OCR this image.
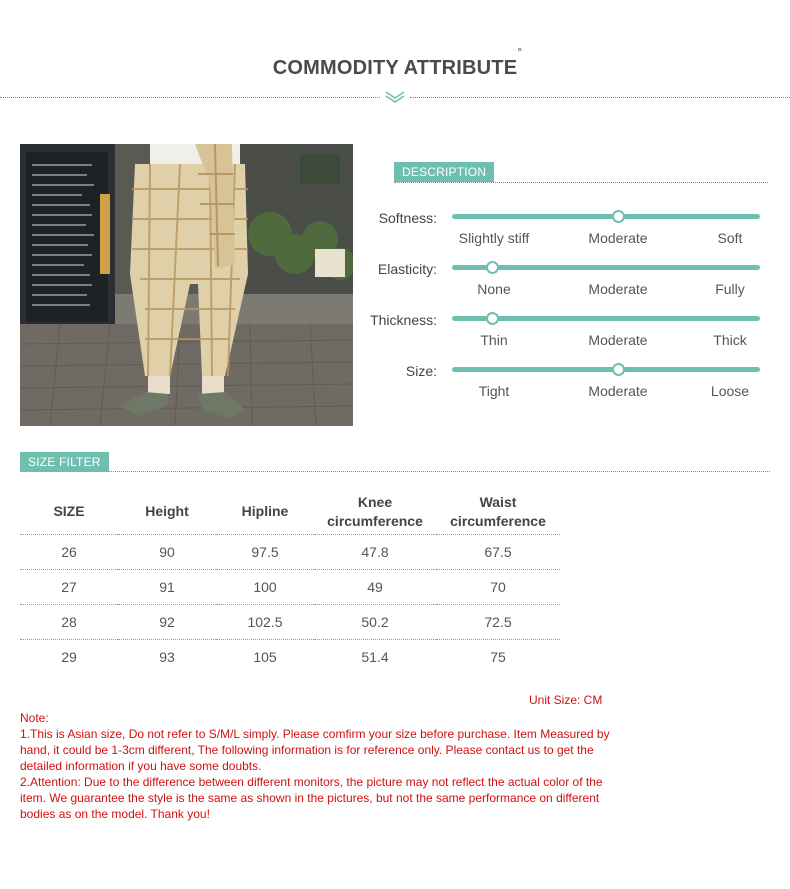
COMMODITY ATTRIBUTE
°
DESCRIPTION
Softness:
Slightly stiff	Moderate	Soft
Elasticity:
None	Moderate	Fully
Thickness:
Thin	Moderate	Thick
Size:
Tight	Moderate	Loose
SIZE FILTER
SIZE	Height	Hipline	Knee circumference	Waist circumference
26	90	97.5	47.8	67.5
27	91	100	49	70
28	92	102.5	50.2	72.5
29	93	105	51.4	75
Unit Size: CM
Note:
1.This is Asian size, Do not refer to S/M/L simply. Please comfirm your size before purchase. Item Measured by hand, it could be 1-3cm different, The following information is for reference only. Please contact us to get the detailed information if you have some doubts.
2.Attention: Due to the difference between different monitors, the picture may not reflect the actual color of the item. We guarantee the style is the same as shown in the pictures, but not the same performance on different bodies as on the model. Thank you!
